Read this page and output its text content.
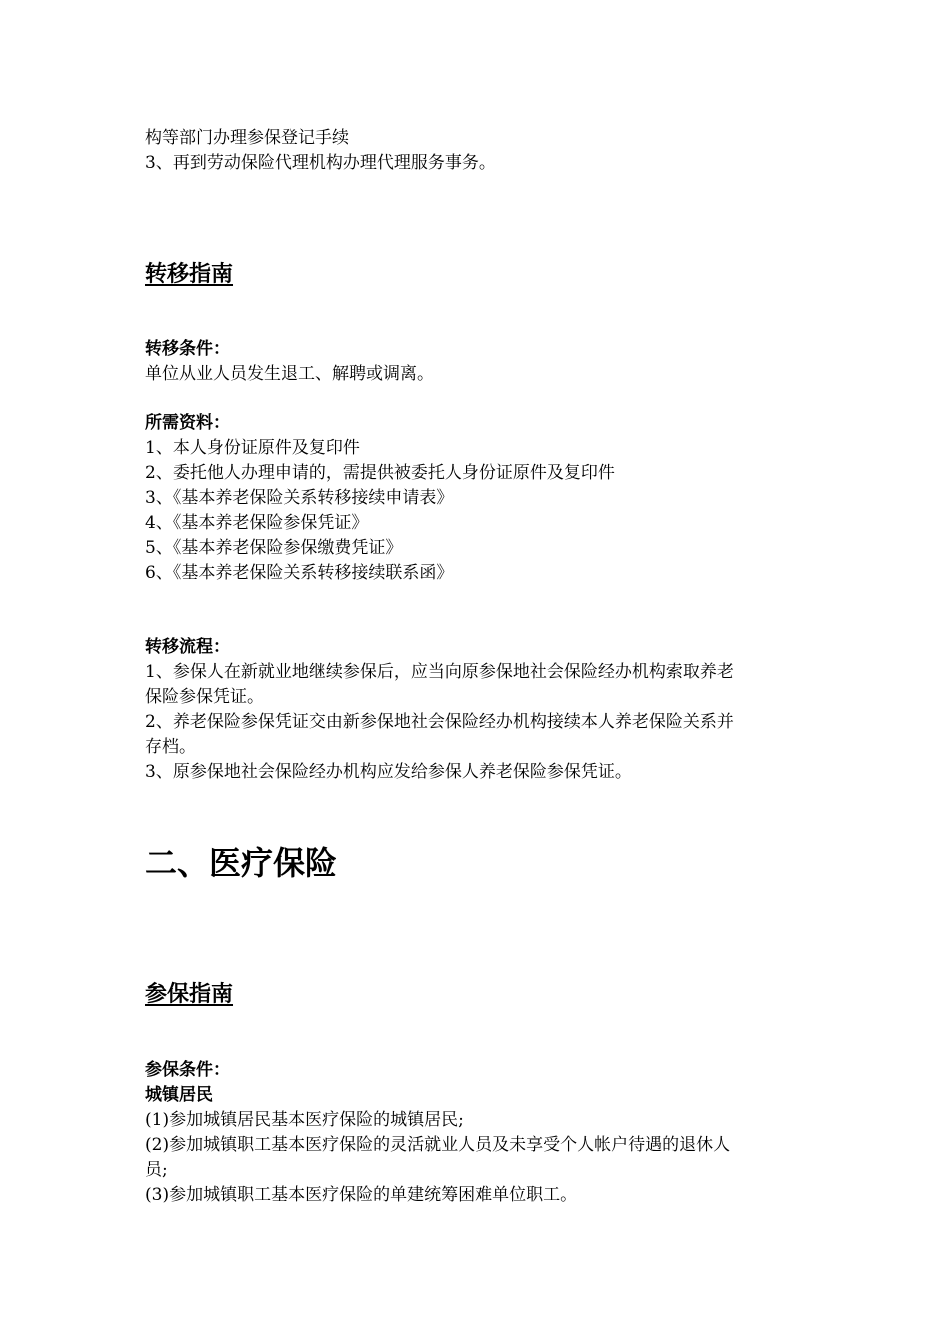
构等部门办理参保登记手续
3、再到劳动保险代理机构办理代理服务事务。
转移指南
转移条件：
单位从业人员发生退工、解聘或调离。
所需资料：
1、本人身份证原件及复印件
2、委托他人办理申请的，需提供被委托人身份证原件及复印件
3、《基本养老保险关系转移接续申请表》
4、《基本养老保险参保凭证》
5、《基本养老保险参保缴费凭证》
6、《基本养老保险关系转移接续联系函》
转移流程：
1、参保人在新就业地继续参保后，应当向原参保地社会保险经办机构索取养老
保险参保凭证。
2、养老保险参保凭证交由新参保地社会保险经办机构接续本人养老保险关系并
存档。
3、原参保地社会保险经办机构应发给参保人养老保险参保凭证。
二、医疗保险
参保指南
参保条件：
城镇居民
(1)参加城镇居民基本医疗保险的城镇居民;
(2)参加城镇职工基本医疗保险的灵活就业人员及未享受个人帐户待遇的退休人
员;
(3)参加城镇职工基本医疗保险的单建统筹困难单位职工。
